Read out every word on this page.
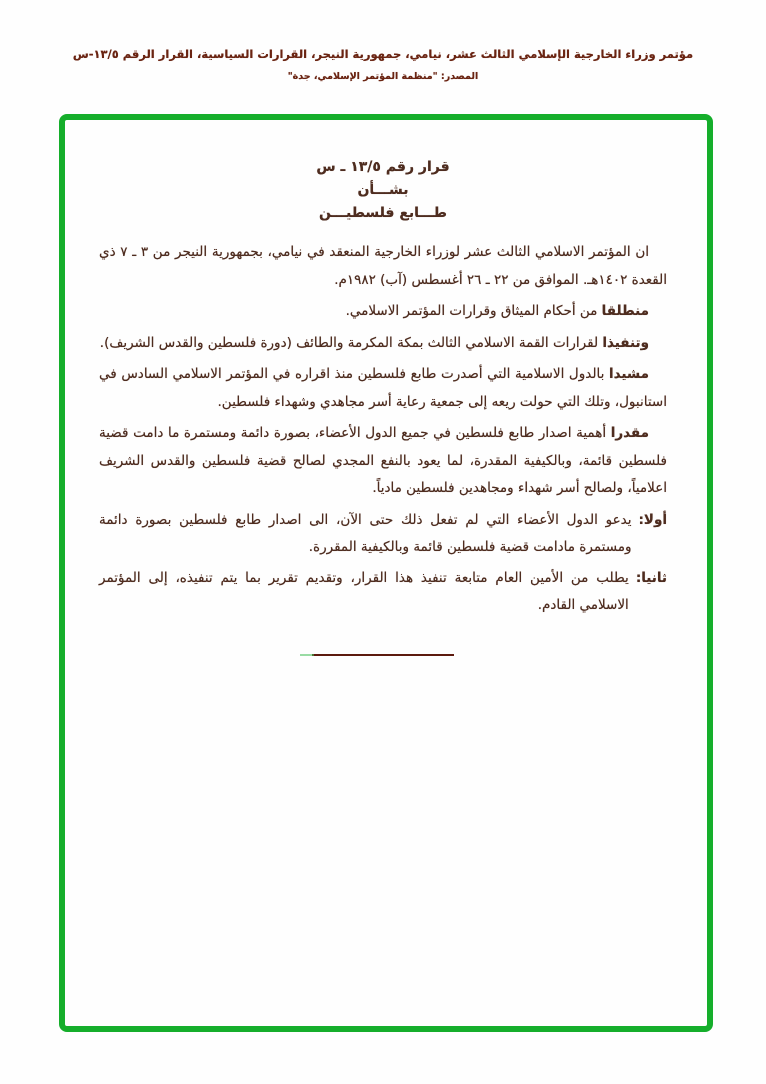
مؤتمر وزراء الخارجية الإسلامي الثالث عشر، نيامي، جمهورية النيجر، القرارات السياسية، القرار الرقم ١٣/٥-س
المصدر: "منظمة المؤتمر الإسلامي، جدة"
قرار رقم ١٣/٥ ـ س
بشـــأن
طـــابع فلسطيـــن

ان المؤتمر الاسلامي الثالث عشر لوزراء الخارجية المنعقد في نيامي، بجمهورية النيجر من ٣ ـ ٧ ذي القعدة ١٤٠٢هـ. الموافق من ٢٢ ـ ٢٦ أغسطس (آب) ١٩٨٢م.

منطلقا من أحكام الميثاق وقرارات المؤتمر الاسلامي.

وتنفيذا لقرارات القمة الاسلامي الثالث بمكة المكرمة والطائف (دورة فلسطين والقدس الشريف).

مشيدا بالدول الاسلامية التي أصدرت طابع فلسطين منذ اقراره في المؤتمر الاسلامي السادس في استانبول، وتلك التي حولت ريعه إلى جمعية رعاية أسر مجاهدي وشهداء فلسطين.

مقدرا أهمية اصدار طابع فلسطين في جميع الدول الأعضاء، بصورة دائمة ومستمرة ما دامت قضية فلسطين قائمة، وبالكيفية المقدرة، لما يعود بالنفع المجدي لصالح قضية فلسطين والقدس الشريف اعلامياً، ولصالح أسر شهداء ومجاهدين فلسطين مادياً.

أولا:
يدعو الدول الأعضاء التي لم تفعل ذلك حتى الآن، الى اصدار طابع فلسطين بصورة دائمة ومستمرة مادامت قضية فلسطين قائمة وبالكيفية المقررة.
ثانيا:
يطلب من الأمين العام متابعة تنفيذ هذا القرار، وتقديم تقرير بما يتم تنفيذه، إلى المؤتمر الاسلامي القادم.
